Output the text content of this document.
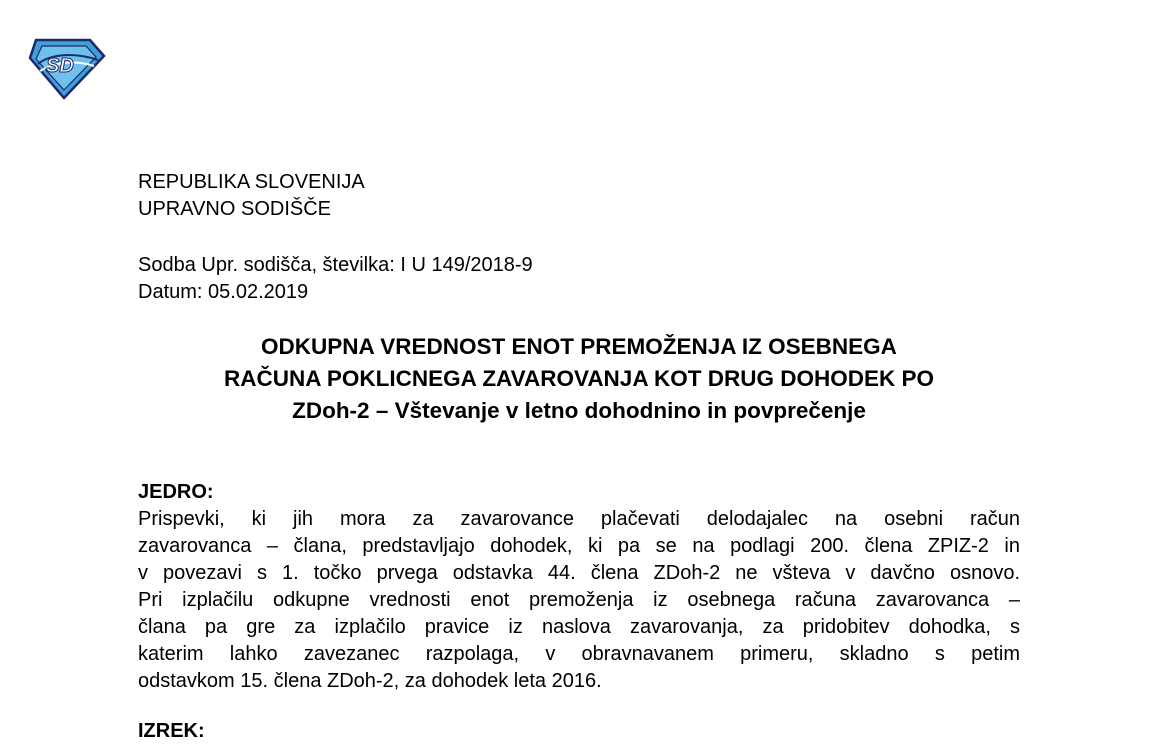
SD
REPUBLIKA SLOVENIJA
UPRAVNO SODIŠČE
Sodba Upr. sodišča, številka: I U 149/2018-9
Datum: 05.02.2019
ODKUPNA VREDNOST ENOT PREMOŽENJA IZ OSEBNEGA
RAČUNA POKLICNEGA ZAVAROVANJA KOT DRUG DOHODEK PO
ZDoh-2 – Vštevanje v letno dohodnino in povprečenje
JEDRO:
Prispevki, ki jih mora za zavarovance plačevati delodajalec na osebni račun
zavarovanca – člana, predstavljajo dohodek, ki pa se na podlagi 200. člena ZPIZ-2 in
v povezavi s 1. točko prvega odstavka 44. člena ZDoh-2 ne všteva v davčno osnovo.
Pri izplačilu odkupne vrednosti enot premoženja iz osebnega računa zavarovanca –
člana pa gre za izplačilo pravice iz naslova zavarovanja, za pridobitev dohodka, s
katerim lahko zavezanec razpolaga, v obravnavanem primeru, skladno s petim
odstavkom 15. člena ZDoh-2, za dohodek leta 2016.
IZREK:
